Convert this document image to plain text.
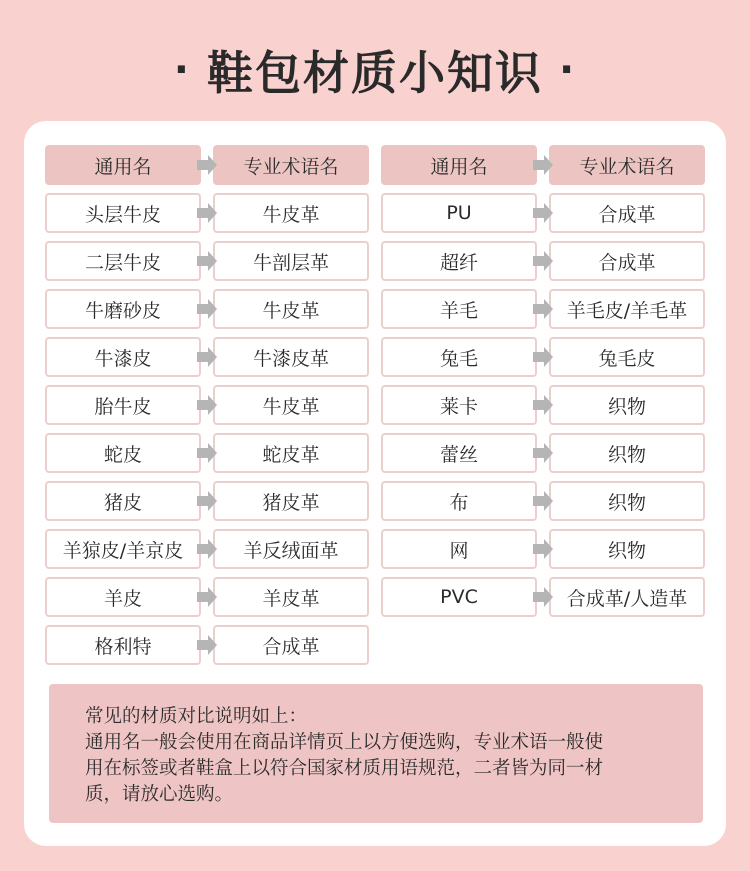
· 鞋包材质小知识 ·
通用名	专业术语名
头层牛皮	牛皮革
二层牛皮	牛剖层革
牛磨砂皮	牛皮革
牛漆皮	牛漆皮革
胎牛皮	牛皮革
蛇皮	蛇皮革
猪皮	猪皮革
羊猄皮/羊京皮	羊反绒面革
羊皮	羊皮革
格利特	合成革
通用名	专业术语名
PU	合成革
超纤	合成革
羊毛	羊毛皮/羊毛革
兔毛	兔毛皮
莱卡	织物
蕾丝	织物
布	织物
网	织物
PVC	合成革/人造革

常见的材质对比说明如上：

通用名一般会使用在商品详情页上以方便选购，专业术语一般使

用在标签或者鞋盒上以符合国家材质用语规范，二者皆为同一材

质，请放心选购。
